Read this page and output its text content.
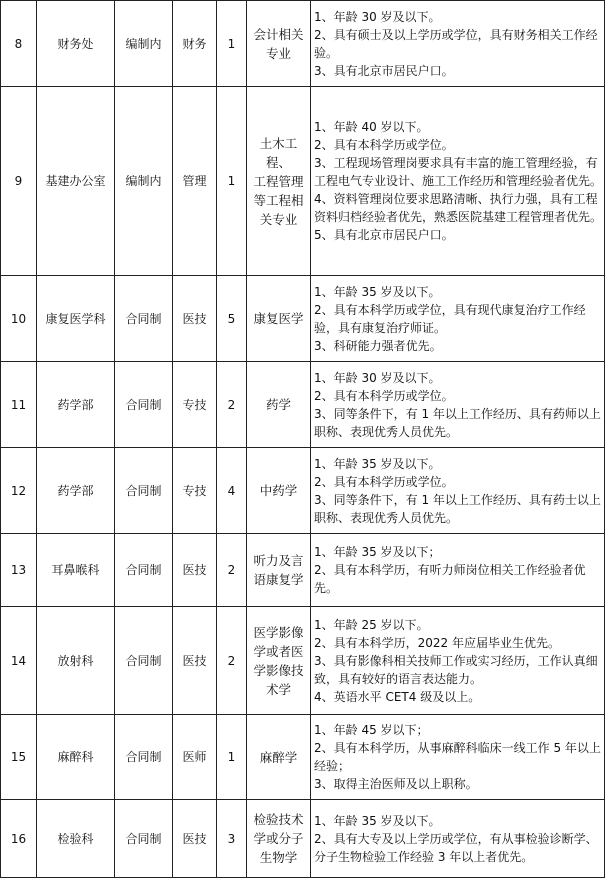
8	财务处	编制内	财务	1	会计相关
专业	1、年龄 30 岁及以下。
2、具有硕士及以上学历或学位，具有财务相关工作经验。
3、具有北京市居民户口。

9	基建办公室	编制内	管理	1	土木工程、
工程管理
等工程相
关专业	1、年龄 40 岁以下。
2、具有本科学历或学位。
3、工程现场管理岗要求具有丰富的施工管理经验，有工程电气专业设计、施工工作经历和管理经验者优先。
4、资料管理岗位要求思路清晰、执行力强，具有工程资料归档经验者优先，熟悉医院基建工程管理者优先。
5、具有北京市居民户口。

10	康复医学科	合同制	医技	5	康复医学	1、年龄 35 岁及以下。
2、具有本科学历或学位，具有现代康复治疗工作经验，具有康复治疗师证。
3、科研能力强者优先。

11	药学部	合同制	专技	2	药学	1、年龄 30 岁及以下。
2、具有本科学历或学位。
3、同等条件下，有 1 年以上工作经历、具有药师以上职称、表现优秀人员优先。

12	药学部	合同制	专技	4	中药学	1、年龄 35 岁及以下。
2、具有本科学历或学位。
3、同等条件下，有 1 年以上工作经历、具有药士以上职称、表现优秀人员优先。

13	耳鼻喉科	合同制	医技	2	听力及言
语康复学	1、年龄 35 岁及以下；
2、具有本科学历，有听力师岗位相关工作经验者优先。

14	放射科	合同制	医技	2	医学影像
学或者医
学影像技
术学	1、年龄 25 岁以下。
2、具有本科学历，2022 年应届毕业生优先。
3、具有影像科相关技师工作或实习经历，工作认真细致，具有较好的语言表达能力。
4、英语水平 CET4 级及以上。

15	麻醉科	合同制	医师	1	麻醉学	1、年龄 45 岁以下；
2、具有本科学历，从事麻醉科临床一线工作 5 年以上经验；
3、取得主治医师及以上职称。

16	检验科	合同制	医技	3	检验技术
学或分子
生物学	1、年龄 35 岁及以下。
2、具有大专及以上学历或学位，有从事检验诊断学、分子生物检验工作经验 3 年以上者优先。
